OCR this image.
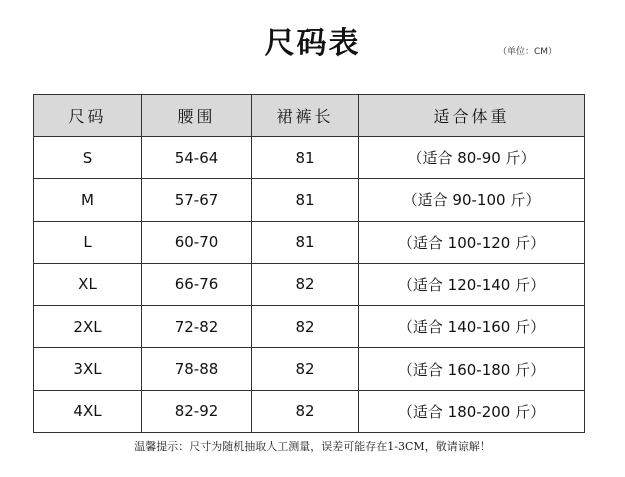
尺码表	（单位：CM）
尺码	腰围	裙裤长	适合体重
S	54-64	81	（适合 80-90 斤）
M	57-67	81	（适合 90-100 斤）
L	60-70	81	（适合 100-120 斤）
XL	66-76	82	（适合 120-140 斤）
2XL	72-82	82	（适合 140-160 斤）
3XL	78-88	82	（适合 160-180 斤）
4XL	82-92	82	（适合 180-200 斤）
温馨提示：尺寸为随机抽取人工测量，误差可能存在1-3CM，敬请谅解！
